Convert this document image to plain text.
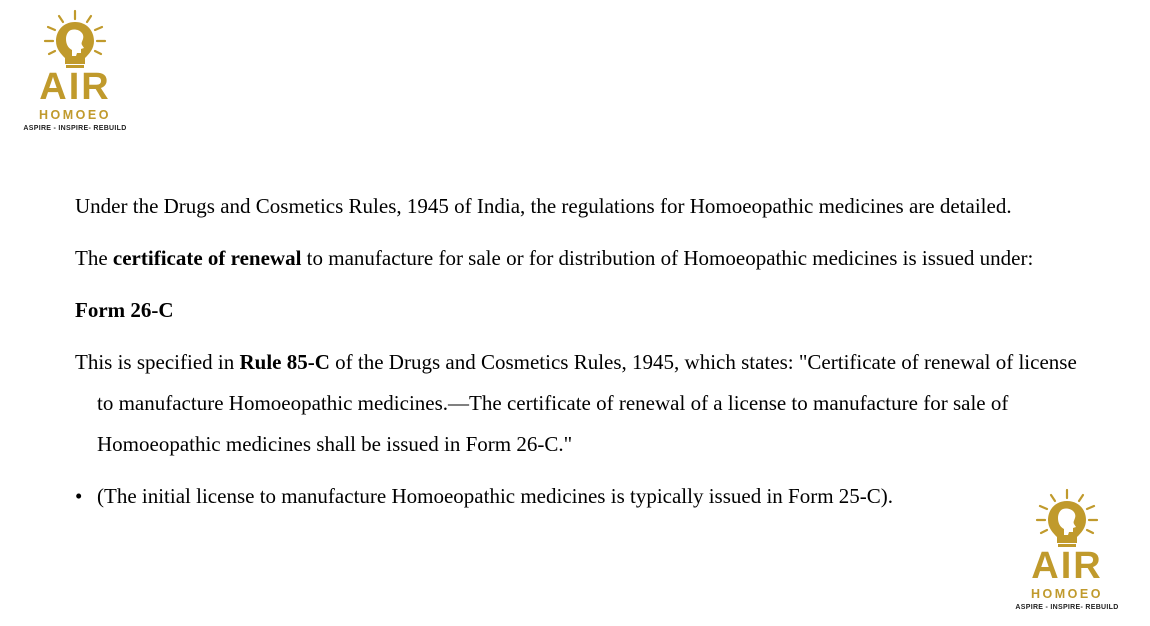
AIR
HOMOEO
ASPIRE - INSPIRE- REBUILD

Under the Drugs and Cosmetics Rules, 1945 of India, the regulations for Homoeopathic medicines are detailed.

The certificate of renewal to manufacture for sale or for distribution of Homoeopathic medicines is issued under:

Form 26-C

This is specified in Rule 85-C of the Drugs and Cosmetics Rules, 1945, which states: "Certificate of renewal of license to manufacture Homoeopathic medicines.—The certificate of renewal of a license to manufacture for sale of Homoeopathic medicines shall be issued in Form 26-C."

• (The initial license to manufacture Homoeopathic medicines is typically issued in Form 25-C).
AIR
HOMOEO
ASPIRE - INSPIRE- REBUILD
